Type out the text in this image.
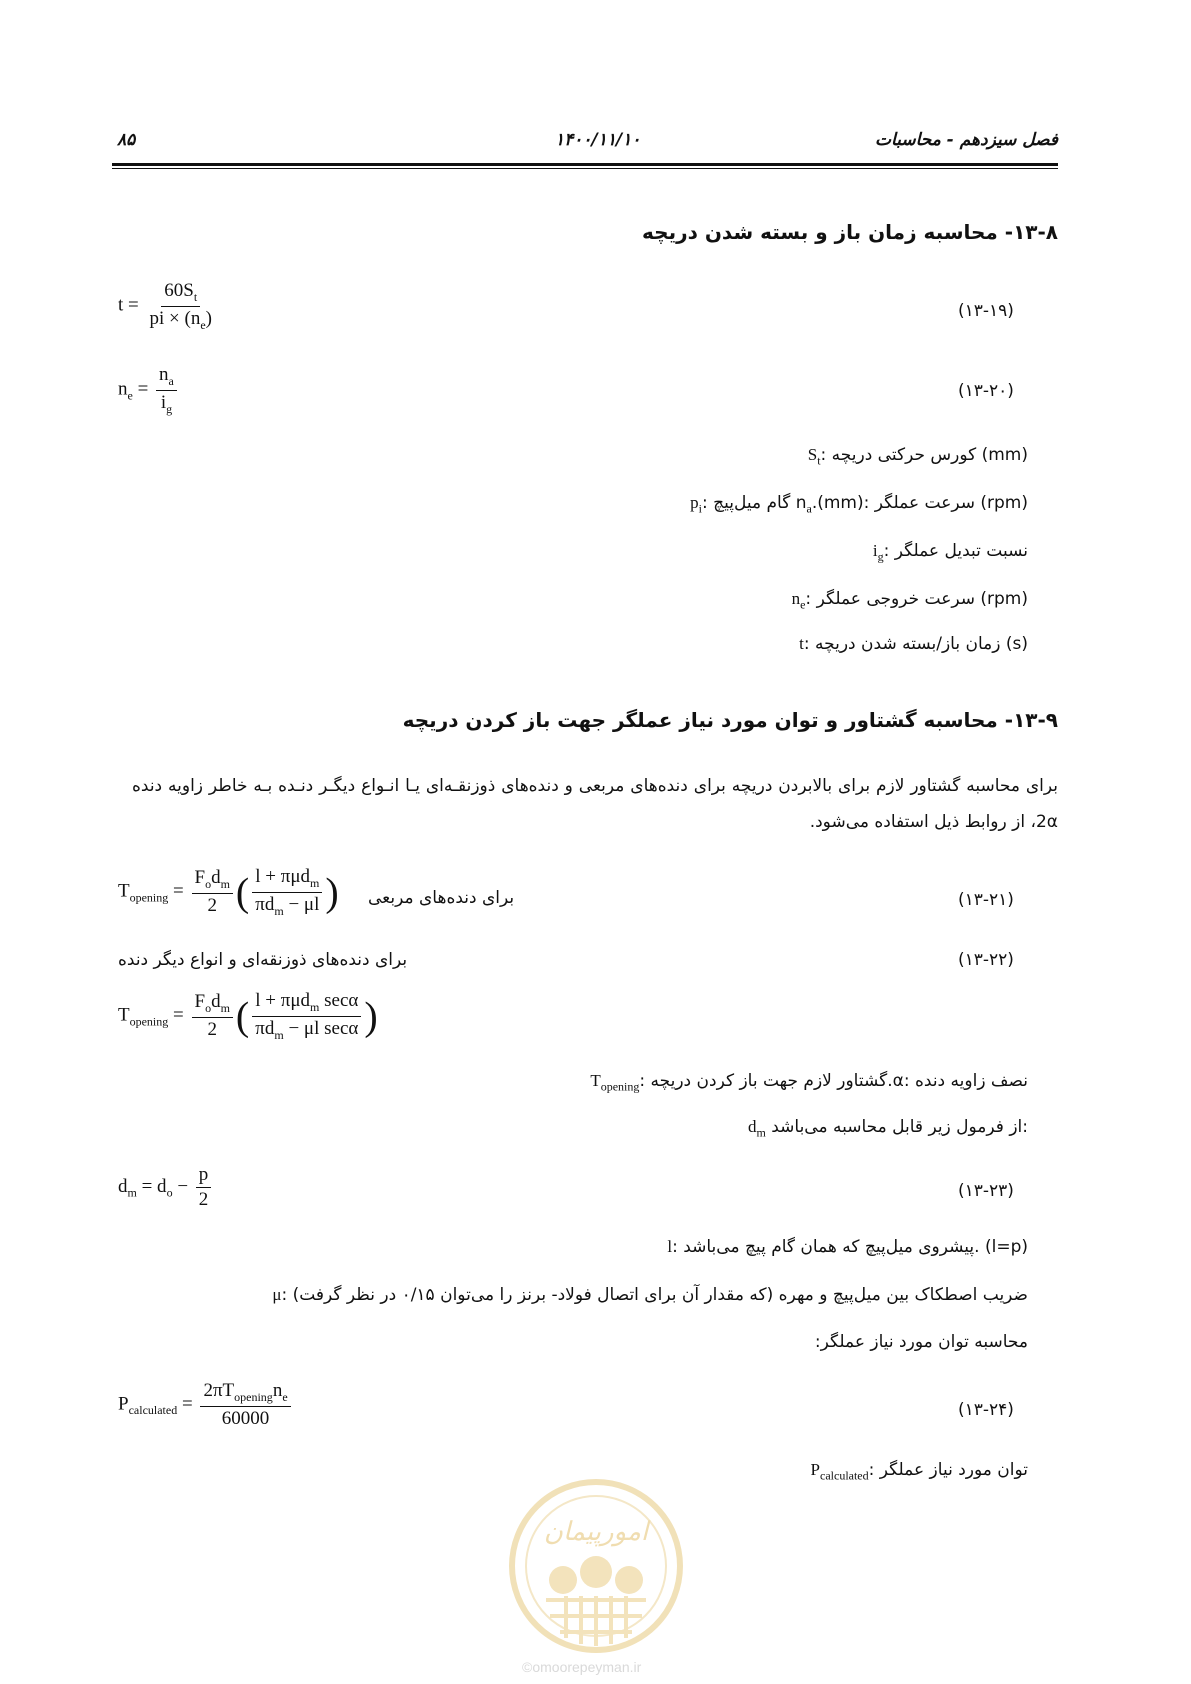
فصل سیزدهم - محاسبات
۱۴۰۰/۱۱/۱۰
۸۵
۱۳-۸- محاسبه زمان باز و بسته شدن دریچه
$t = \frac{60S_t}{pi \times (n_e)}$	(۱۳-۱۹)
$n_e = \frac{n_a}{i_g}$	(۱۳-۲۰)
$S_t$: کورس حرکتی دریچه (mm)
$p_i$: گام میل‌پیچ $n_a.(mm)$: سرعت عملگر (rpm)
$i_g$: نسبت تبدیل عملگر
$n_e$: سرعت خروجی عملگر (rpm)
t: زمان باز/بسته شدن دریچه (s)
۱۳-۹- محاسبه گشتاور و توان مورد نیاز عملگر جهت باز کردن دریچه
برای محاسبه گشتاور لازم برای بالابردن دریچه برای دنده‌های مربعی و دنده‌های ذوزنقـه‌ای یـا انـواع دیگـر دنـده بـه خاطر زاویه دنده 2α، از روابط ذیل استفاده می‌شود.
$T_{opening} = \frac{F_od_m}{2}$ ( $\frac{l + \pi\mu d_m}{\pi d_m - \mu l}$ ) برای دنده‌های مربعی	(۱۳-۲۱)
برای دنده‌های ذوزنقه‌ای و انواع دیگر دنده	(۱۳-۲۲)
$T_{opening} = \frac{F_od_m}{2}$ ( $\frac{l + \pi\mu d_m \sec\alpha}{\pi d_m - \mu l \sec\alpha}$ )
$T_{opening}$: گشتاور لازم جهت باز کردن دریچه.α: نصف زاویه دنده
$d_m$ از فرمول زیر قابل محاسبه می‌باشد:
$d_m = d_o - \frac{p}{2}$	(۱۳-۲۳)
l: پیشروی میل‌پیچ که همان گام پیچ می‌باشد. (l=p)
μ: ضریب اصطکاک بین میل‌پیچ و مهره (که مقدار آن برای اتصال فولاد- برنز را می‌توان ۰/۱۵ در نظر گرفت)
محاسبه توان مورد نیاز عملگر:
$P_{calculated} = \frac{2\pi T_{opening}n_e}{60000}$	(۱۳-۲۴)
$P_{calculated}$: توان مورد نیاز عملگر
امورپیمان
©omoorepeyman.ir
